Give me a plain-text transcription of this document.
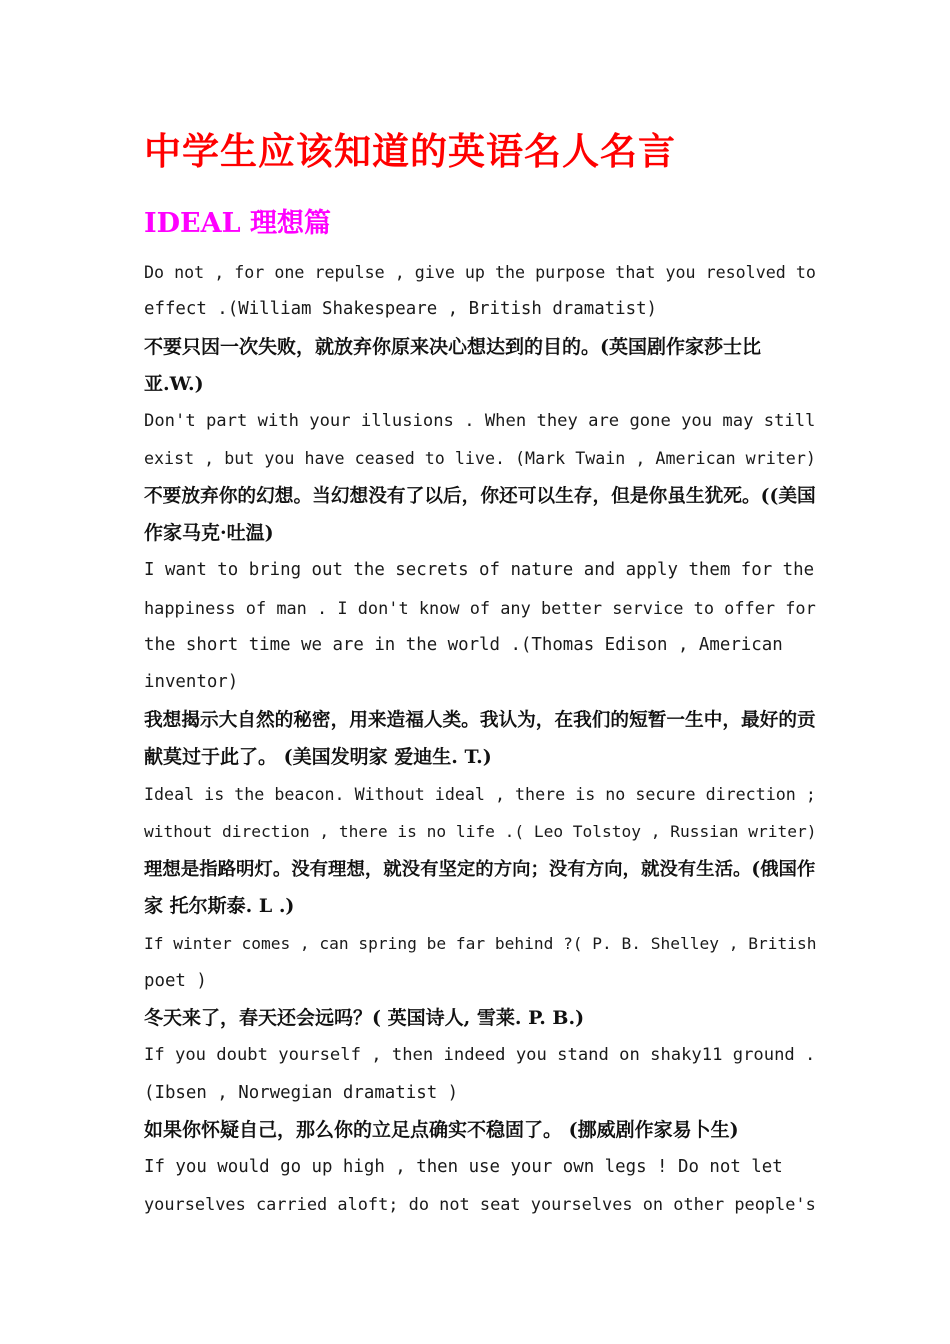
中学生应该知道的英语名人名言
IDEAL 理想篇
Do not , for one repulse , give up the purpose that you resolved to
effect .(William Shakespeare , British dramatist)
不要只因一次失败，就放弃你原来决心想达到的目的。(英国剧作家莎士比
亚.W.)
Don't part with your illusions . When they are gone you may still
exist , but you have ceased to live. (Mark Twain , American writer)
不要放弃你的幻想。当幻想没有了以后，你还可以生存，但是你虽生犹死。((美国
作家马克·吐温)
I want to bring out the secrets of nature and apply them for the
happiness of man . I don't know of any better service to offer for
the short time we are in the world .(Thomas Edison , American
inventor)
我想揭示大自然的秘密，用来造福人类。我认为，在我们的短暂一生中，最好的贡
献莫过于此了。 (美国发明家 爱迪生. T.)
Ideal is the beacon. Without ideal , there is no secure direction ;
without direction , there is no life .( Leo Tolstoy , Russian writer)
理想是指路明灯。没有理想，就没有坚定的方向；没有方向，就没有生活。(俄国作
家 托尔斯泰. L .)
If winter comes , can spring be far behind ?( P. B. Shelley , British
poet )
冬天来了，春天还会远吗？( 英国诗人, 雪莱. P. B.)
If you doubt yourself , then indeed you stand on shaky11 ground .
(Ibsen , Norwegian dramatist )
如果你怀疑自己，那么你的立足点确实不稳固了。 (挪威剧作家易卜生)
If you would go up high , then use your own legs ! Do not let
yourselves carried aloft; do not seat yourselves on other people's
